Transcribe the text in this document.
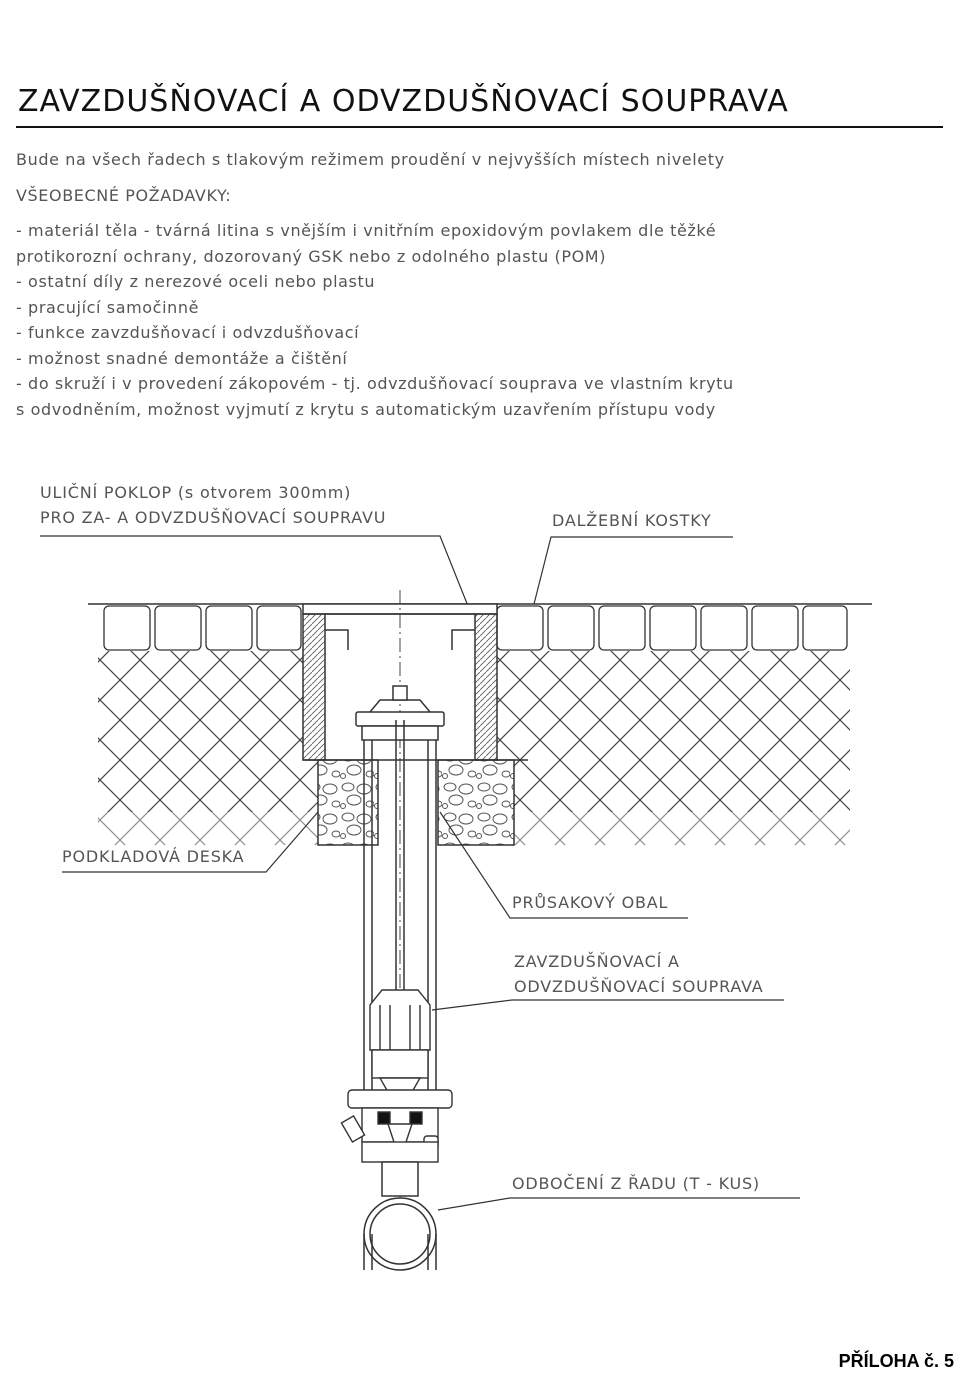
ZAVZDUŠŇOVACÍ A ODVZDUŠŇOVACÍ SOUPRAVA
Bude na všech řadech s tlakovým režimem proudění v nejvyšších místech nivelety
VŠEOBECNÉ POŽADAVKY:
- materiál těla - tvárná litina s vnějším i vnitřním epoxidovým povlakem dle těžké
protikorozní ochrany, dozorovaný GSK nebo z odolného plastu (POM)
- ostatní díly z nerezové oceli nebo plastu
- pracující samočinně
- funkce zavzdušňovací i odvzdušňovací
- možnost snadné demontáže a čištění
- do skruží i v provedení zákopovém - tj. odvzdušňovací souprava ve vlastním krytu
s odvodněním, možnost vyjmutí z krytu s automatickým uzavřením přístupu vody
ULIČNÍ POKLOP (s otvorem 300mm)
PRO ZA- A ODVZDUŠŇOVACÍ SOUPRAVU	DALŽEBNÍ KOSTKY
PODKLADOVÁ DESKA
PRŮSAKOVÝ OBAL
ZAVZDUŠŇOVACÍ A
ODVZDUŠŇOVACÍ SOUPRAVA
ODBOČENÍ Z ŘADU (T - KUS)
PŘÍLOHA č. 5
